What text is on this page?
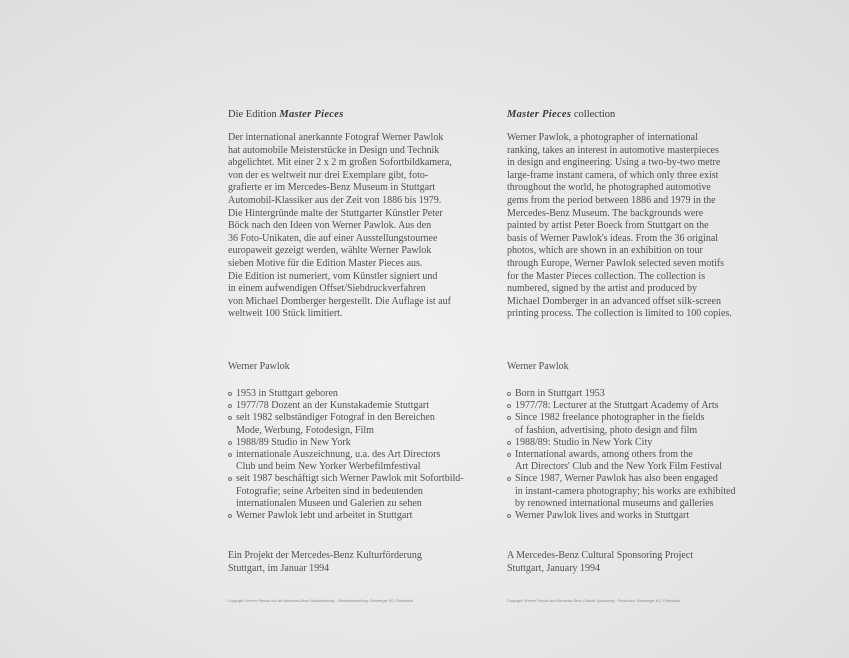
Die Edition Master Pieces
Der international anerkannte Fotograf Werner Pawlok
hat automobile Meisterstücke in Design und Technik
abgelichtet. Mit einer 2 x 2 m großen Sofortbildkamera,
von der es weltweit nur drei Exemplare gibt, foto-
grafierte er im Mercedes-Benz Museum in Stuttgart
Automobil-Klassiker aus der Zeit von 1886 bis 1979.
Die Hintergründe malte der Stuttgarter Künstler Peter
Böck nach den Ideen von Werner Pawlok. Aus den
36 Foto-Unikaten, die auf einer Ausstellungstournee
europaweit gezeigt werden, wählte Werner Pawlok
sieben Motive für die Edition Master Pieces aus.
Die Edition ist numeriert, vom Künstler signiert und
in einem aufwendigen Offset/Siebdruckverfahren
von Michael Domberger hergestellt. Die Auflage ist auf
weltweit 100 Stück limitiert.
Werner Pawlok
1953 in Stuttgart geboren
1977/78 Dozent an der Kunstakademie Stuttgart
seit 1982 selbständiger Fotograf in den Bereichen
Mode, Werbung, Fotodesign, Film
1988/89 Studio in New York
internationale Auszeichnung, u.a. des Art Directors
Club und beim New Yorker Werbefilmfestival
seit 1987 beschäftigt sich Werner Pawlok mit Sofortbild-
Fotografie; seine Arbeiten sind in bedeutenden
internationalen Museen und Galerien zu sehen
Werner Pawlok lebt und arbeitet in Stuttgart
Ein Projekt der Mercedes-Benz Kulturförderung
Stuttgart, im Januar 1994
Copyright: Werner Pawlok und die Mercedes-Benz Kulturförderung · Gesamtherstellung: Domberger KG, Filderstadt
Master Pieces collection
Werner Pawlok, a photographer of international
ranking, takes an interest in automotive masterpieces
in design and engineering. Using a two-by-two metre
large-frame instant camera, of which only three exist
throughout the world, he photographed automotive
gems from the period between 1886 and 1979 in the
Mercedes-Benz Museum. The backgrounds were
painted by artist Peter Boeck from Stuttgart on the
basis of Werner Pawlok's ideas. From the 36 original
photos, which are shown in an exhibition on tour
through Europe, Werner Pawlok selected seven motifs
for the Master Pieces collection. The collection is
numbered, signed by the artist and produced by
Michael Domberger in an advanced offset silk-screen
printing process. The collection is limited to 100 copies.
Werner Pawlok
Born in Stuttgart 1953
1977/78: Lecturer at the Stuttgart Academy of Arts
Since 1982 freelance photographer in the fields
of fashion, advertising, photo design and film
1988/89: Studio in New York City
International awards, among others from the
Art Directors' Club and the New York Film Festival
Since 1987, Werner Pawlok has also been engaged
in instant-camera photography; his works are exhibited
by renowned international museums and galleries
Werner Pawlok lives and works in Stuttgart
A Mercedes-Benz Cultural Sponsoring Project
Stuttgart, January 1994
Copyright: Werner Pawlok and Mercedes-Benz Cultural Sponsoring · Production: Domberger KG, Filderstadt
